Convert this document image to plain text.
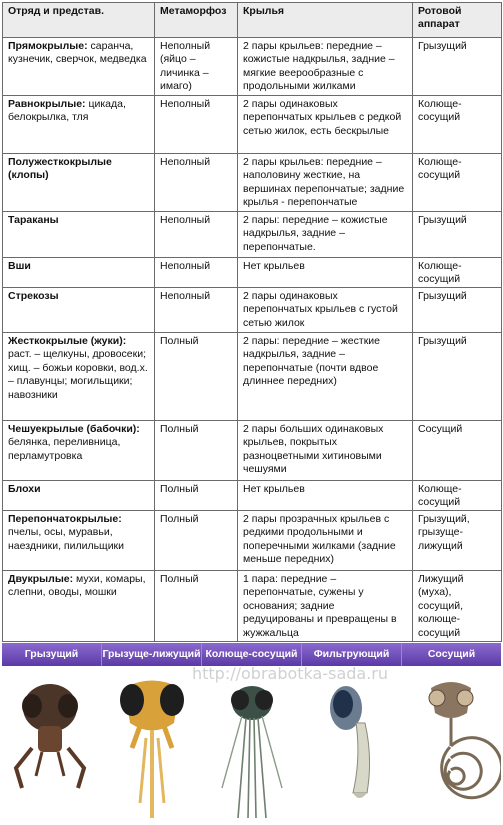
Отряд и представ.	Метаморфоз	Крылья	Ротовой аппарат
Прямокрылые: саранча, кузнечик, сверчок, медведка	Неполный (яйцо – личинка – имаго)	2 пары крыльев: передние – кожистые надкрылья, задние – мягкие веерообразные с продольными жилками	Грызущий
Равнокрылые: цикада, белокрылка, тля	Неполный	2 пары одинаковых перепончатых крыльев с редкой сетью жилок, есть бескрылые	Колюще-сосущий
Полужесткокрылые (клопы)	Неполный	2 пары крыльев: передние – наполовину жесткие, на вершинах перепончатые; задние крылья - перепончатые	Колюще-сосущий
Тараканы	Неполный	2 пары: передние – кожистые надкрылья, задние – перепончатые.	Грызущий
Вши	Неполный	Нет крыльев	Колюще-сосущий
Стрекозы	Неполный	2 пары одинаковых перепончатых крыльев с густой сетью жилок	Грызущий
Жесткокрылые (жуки): раст. – щелкуны, дровосеки; хищ. – божьи коровки, вод.х. – плавунцы; могильщики; навозники	Полный	2 пары: передние – жесткие надкрылья, задние – перепончатые (почти вдвое длиннее передних)	Грызущий
Чешуекрылые (бабочки): белянка, переливница, перламутровка	Полный	2 пары больших одинаковых крыльев, покрытых разноцветными хитиновыми чешуями	Сосущий
Блохи	Полный	Нет крыльев	Колюще-сосущий
Перепончатокрылые: пчелы, осы, муравьи, наездники, пилильщики	Полный	2 пары прозрачных крыльев с редкими продольными и поперечными жилками (задние меньше передних)	Грызущий, грызуще-лижущий
Двукрылые: мухи, комары, слепни, оводы, мошки	Полный	1 пара: передние – перепончатые, сужены у основания; задние редуцированы и превращены в жужжальца	Лижущий (муха), сосущий, колюще-сосущий
Грызущий	Грызуще-лижущий Колюще-сосущий	Фильтрующий	Сосущий
http://obrabotka-sada.ru
